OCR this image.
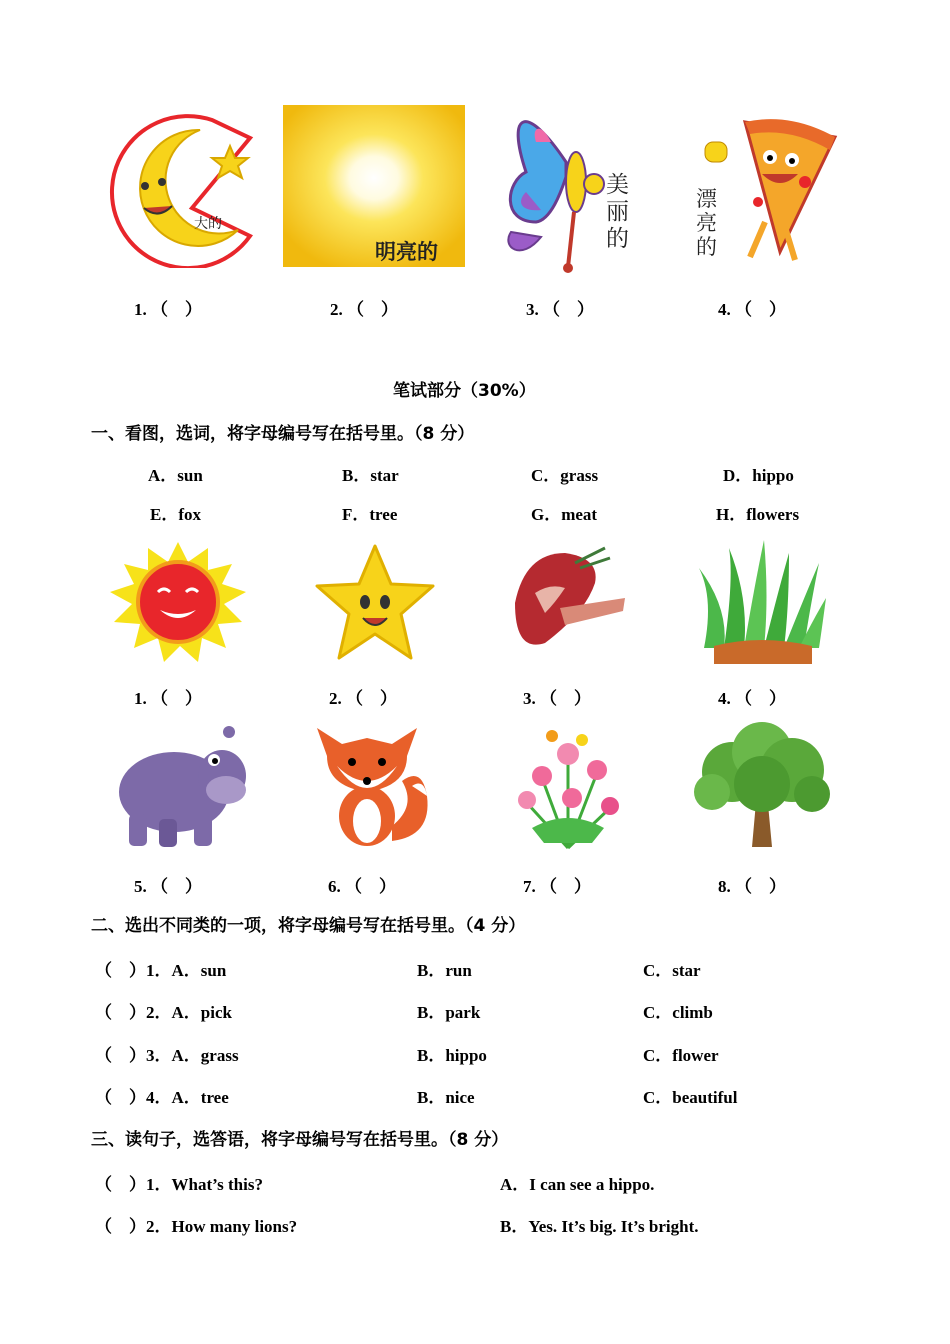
大的
明亮的
美丽的
漂亮的
1. （　）	2. （　）	3. （　）	4. （　）
笔试部分（30%）
一、看图，选词，将字母编号写在括号里。（8 分）
A．sun	B．star	C．grass	D．hippo
E．fox	F．tree	G．meat	H．flowers
1. （　）	2. （　）	3. （　）	4. （　）
5. （　）	6. （　）	7. （　）	8. （　）
二、选出不同类的一项，将字母编号写在括号里。（4 分）
（　）1．A．sun	B．run	C．star
（　）2．A．pick	B．park	C．climb
（　）3．A．grass	B．hippo	C．flower
（　）4．A．tree	B．nice	C．beautiful
三、读句子，选答语，将字母编号写在括号里。（8 分）
（　）1．What’s this?	A．I can see a hippo.
（　）2．How many lions?	B．Yes. It’s big. It’s bright.
